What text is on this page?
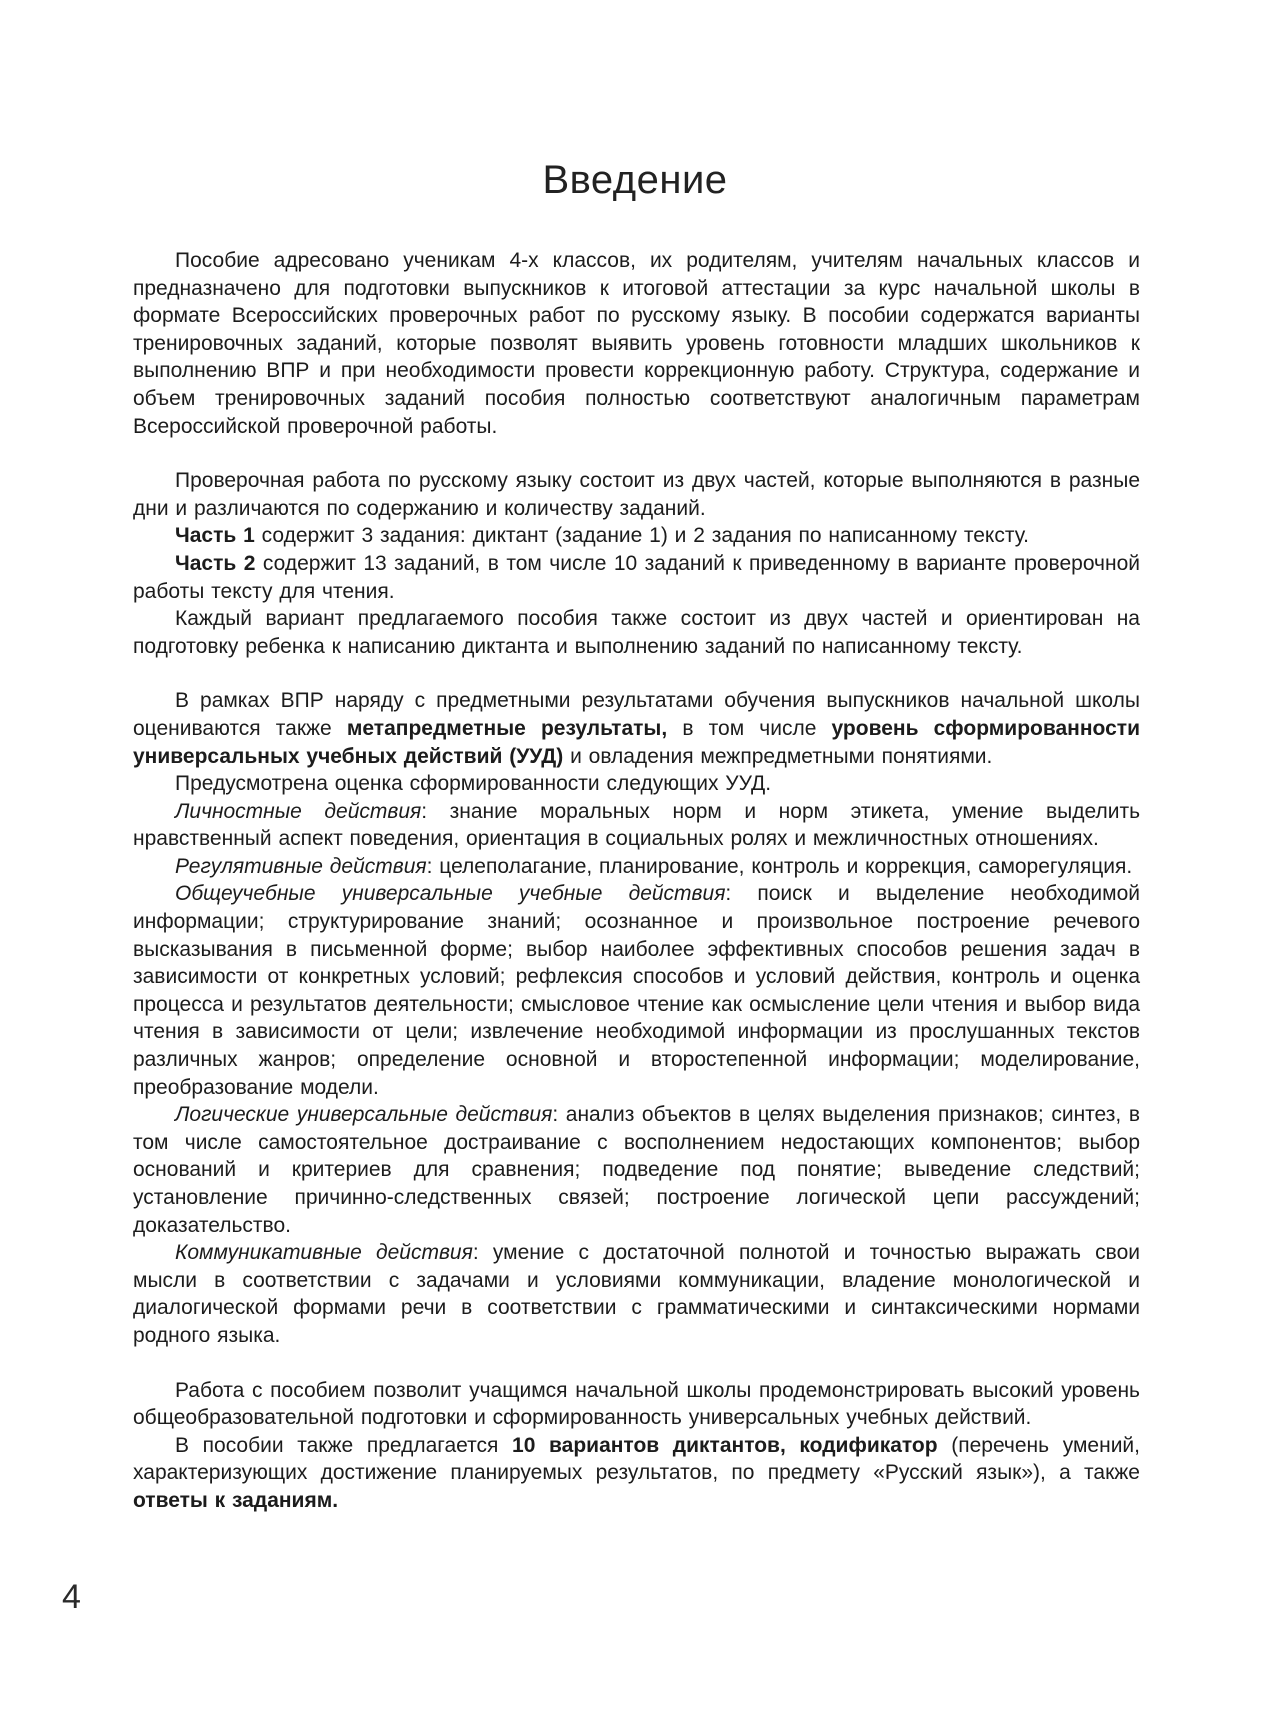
Введение

Пособие адресовано ученикам 4-х классов, их родителям, учителям начальных классов и предназначено для подготовки выпускников к итоговой аттестации за курс начальной школы в формате Всероссийских проверочных работ по русскому языку. В пособии содержатся варианты тренировочных заданий, которые позволят выявить уровень готовности младших школьников к выполнению ВПР и при необходимости провести коррекционную работу. Структура, содержание и объем тренировочных заданий пособия полностью соответствуют аналогичным параметрам Всероссийской проверочной работы.

Проверочная работа по русскому языку состоит из двух частей, которые выполняются в разные дни и различаются по содержанию и количеству заданий.

Часть 1 содержит 3 задания: диктант (задание 1) и 2 задания по написанному тексту.

Часть 2 содержит 13 заданий, в том числе 10 заданий к приведенному в варианте проверочной работы тексту для чтения.

Каждый вариант предлагаемого пособия также состоит из двух частей и ориентирован на подготовку ребенка к написанию диктанта и выполнению заданий по написанному тексту.

В рамках ВПР наряду с предметными результатами обучения выпускников начальной школы оцениваются также метапредметные результаты, в том числе уровень сформированности универсальных учебных действий (УУД) и овладения межпредметными понятиями.

Предусмотрена оценка сформированности следующих УУД.

Личностные действия: знание моральных норм и норм этикета, умение выделить нравственный аспект поведения, ориентация в социальных ролях и межличностных отношениях.

Регулятивные действия: целеполагание, планирование, контроль и коррекция, саморегуляция.

Общеучебные универсальные учебные действия: поиск и выделение необходимой информации; структурирование знаний; осознанное и произвольное построение речевого высказывания в письменной форме; выбор наиболее эффективных способов решения задач в зависимости от конкретных условий; рефлексия способов и условий действия, контроль и оценка процесса и результатов деятельности; смысловое чтение как осмысление цели чтения и выбор вида чтения в зависимости от цели; извлечение необходимой информации из прослушанных текстов различных жанров; определение основной и второстепенной информации; моделирование, преобразование модели.

Логические универсальные действия: анализ объектов в целях выделения признаков; синтез, в том числе самостоятельное достраивание с восполнением недостающих компонентов; выбор оснований и критериев для сравнения; подведение под понятие; выведение следствий; установление причинно-следственных связей; построение логической цепи рассуждений; доказательство.

Коммуникативные действия: умение с достаточной полнотой и точностью выражать свои мысли в соответствии с задачами и условиями коммуникации, владение монологической и диалогической формами речи в соответствии с грамматическими и синтаксическими нормами родного языка.

Работа с пособием позволит учащимся начальной школы продемонстрировать высокий уровень общеобразовательной подготовки и сформированность универсальных учебных действий.

В пособии также предлагается 10 вариантов диктантов, кодификатор (перечень умений, характеризующих достижение планируемых результатов, по предмету «Русский язык»), а также ответы к заданиям.

4
